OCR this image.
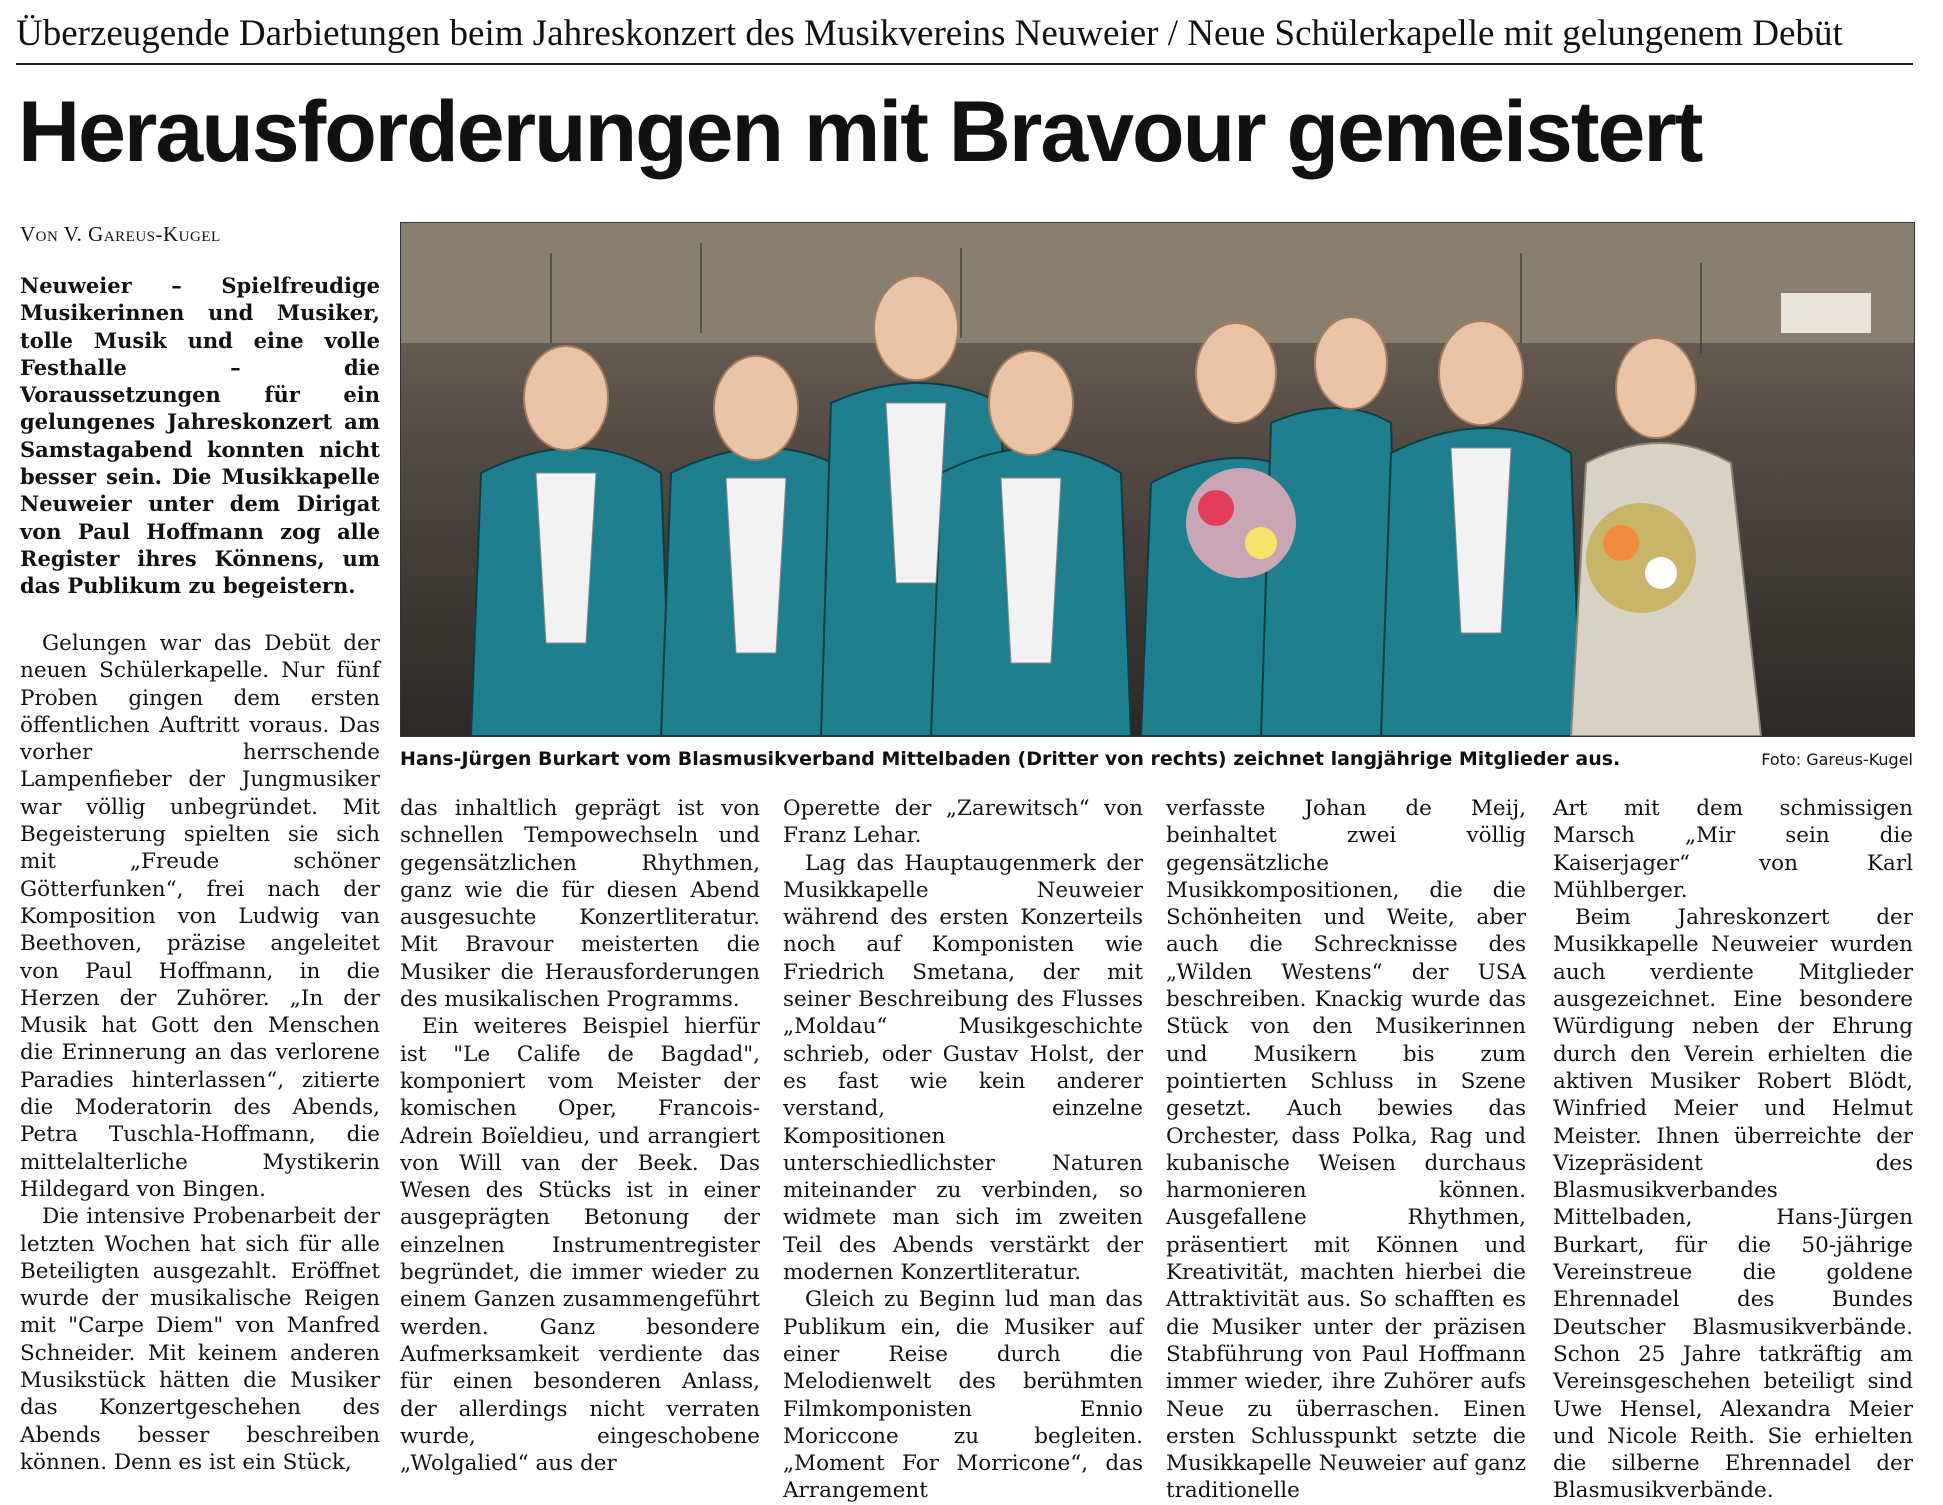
Überzeugende Darbietungen beim Jahreskonzert des Musikvereins Neuweier / Neue Schülerkapelle mit gelungenem Debüt
Herausforderungen mit Bravour gemeistert
Von V. Gareus-Kugel

Neuweier – Spielfreudige Musikerinnen und Musiker, tolle Musik und eine volle Festhalle – die Voraussetzungen für ein gelungenes Jahreskonzert am Samstagabend konnten nicht besser sein. Die Musikkapelle Neuweier unter dem Dirigat von Paul Hoffmann zog alle Register ihres Könnens, um das Publikum zu begeistern.

Gelungen war das Debüt der neuen Schülerkapelle. Nur fünf Proben gingen dem ersten öffentlichen Auftritt voraus. Das vorher herrschende Lampenfieber der Jungmusiker war völlig unbegründet. Mit Begeisterung spielten sie sich mit „Freude schöner Götterfunken“, frei nach der Komposition von Ludwig van Beethoven, präzise angeleitet von Paul Hoffmann, in die Herzen der Zuhörer. „In der Musik hat Gott den Menschen die Erinnerung an das verlorene Paradies hinterlassen“, zitierte die Moderatorin des Abends, Petra Tuschla-Hoffmann, die mittelalterliche Mystikerin Hildegard von Bingen.

Die intensive Probenarbeit der letzten Wochen hat sich für alle Beteiligten ausgezahlt. Eröffnet wurde der musikalische Reigen mit "Carpe Diem" von Manfred Schneider. Mit keinem anderen Musikstück hätten die Musiker das Konzertgeschehen des Abends besser beschreiben können. Denn es ist ein Stück,

Hans-Jürgen Burkart vom Blasmusikverband Mittelbaden (Dritter von rechts) zeichnet langjährige Mitglieder aus.	Foto: Gareus-Kugel

das inhaltlich geprägt ist von schnellen Tempowechseln und gegensätzlichen Rhythmen, ganz wie die für diesen Abend ausgesuchte Konzertliteratur. Mit Bravour meisterten die Musiker die Herausforderungen des musikalischen Programms.

Ein weiteres Beispiel hierfür ist "Le Calife de Bagdad", komponiert vom Meister der komischen Oper, Francois-Adrein Boïeldieu, und arrangiert von Will van der Beek. Das Wesen des Stücks ist in einer ausgeprägten Betonung der einzelnen Instrumentregister begründet, die immer wieder zu einem Ganzen zusammengeführt werden. Ganz besondere Aufmerksamkeit verdiente das für einen besonderen Anlass, der allerdings nicht verraten wurde, eingeschobene „Wolgalied“ aus der

Operette der „Zarewitsch“ von Franz Lehar.

Lag das Hauptaugenmerk der Musikkapelle Neuweier während des ersten Konzerteils noch auf Komponisten wie Friedrich Smetana, der mit seiner Beschreibung des Flusses „Moldau“ Musikgeschichte schrieb, oder Gustav Holst, der es fast wie kein anderer verstand, einzelne Kompositionen unterschiedlichster Naturen miteinander zu verbinden, so widmete man sich im zweiten Teil des Abends verstärkt der modernen Konzertliteratur.

Gleich zu Beginn lud man das Publikum ein, die Musiker auf einer Reise durch die Melodienwelt des berühmten Filmkomponisten Ennio Moriccone zu begleiten. „Moment For Morricone“, das Arrangement

verfasste Johan de Meij, beinhaltet zwei völlig gegensätzliche Musikkompositionen, die die Schönheiten und Weite, aber auch die Schrecknisse des „Wilden Westens“ der USA beschreiben. Knackig wurde das Stück von den Musikerinnen und Musikern bis zum pointierten Schluss in Szene gesetzt. Auch bewies das Orchester, dass Polka, Rag und kubanische Weisen durchaus harmonieren können. Ausgefallene Rhythmen, präsentiert mit Können und Kreativität, machten hierbei die Attraktivität aus. So schafften es die Musiker unter der präzisen Stabführung von Paul Hoffmann immer wieder, ihre Zuhörer aufs Neue zu überraschen. Einen ersten Schlusspunkt setzte die Musikkapelle Neuweier auf ganz traditionelle

Art mit dem schmissigen Marsch „Mir sein die Kaiserjager“ von Karl Mühlberger.

Beim Jahreskonzert der Musikkapelle Neuweier wurden auch verdiente Mitglieder ausgezeichnet. Eine besondere Würdigung neben der Ehrung durch den Verein erhielten die aktiven Musiker Robert Blödt, Winfried Meier und Helmut Meister. Ihnen überreichte der Vizepräsident des Blasmusikverbandes Mittelbaden, Hans-Jürgen Burkart, für die 50-jährige Vereinstreue die goldene Ehrennadel des Bundes Deutscher Blasmusikverbände. Schon 25 Jahre tatkräftig am Vereinsgeschehen beteiligt sind Uwe Hensel, Alexandra Meier und Nicole Reith. Sie erhielten die silberne Ehrennadel der Blasmusikverbände.
